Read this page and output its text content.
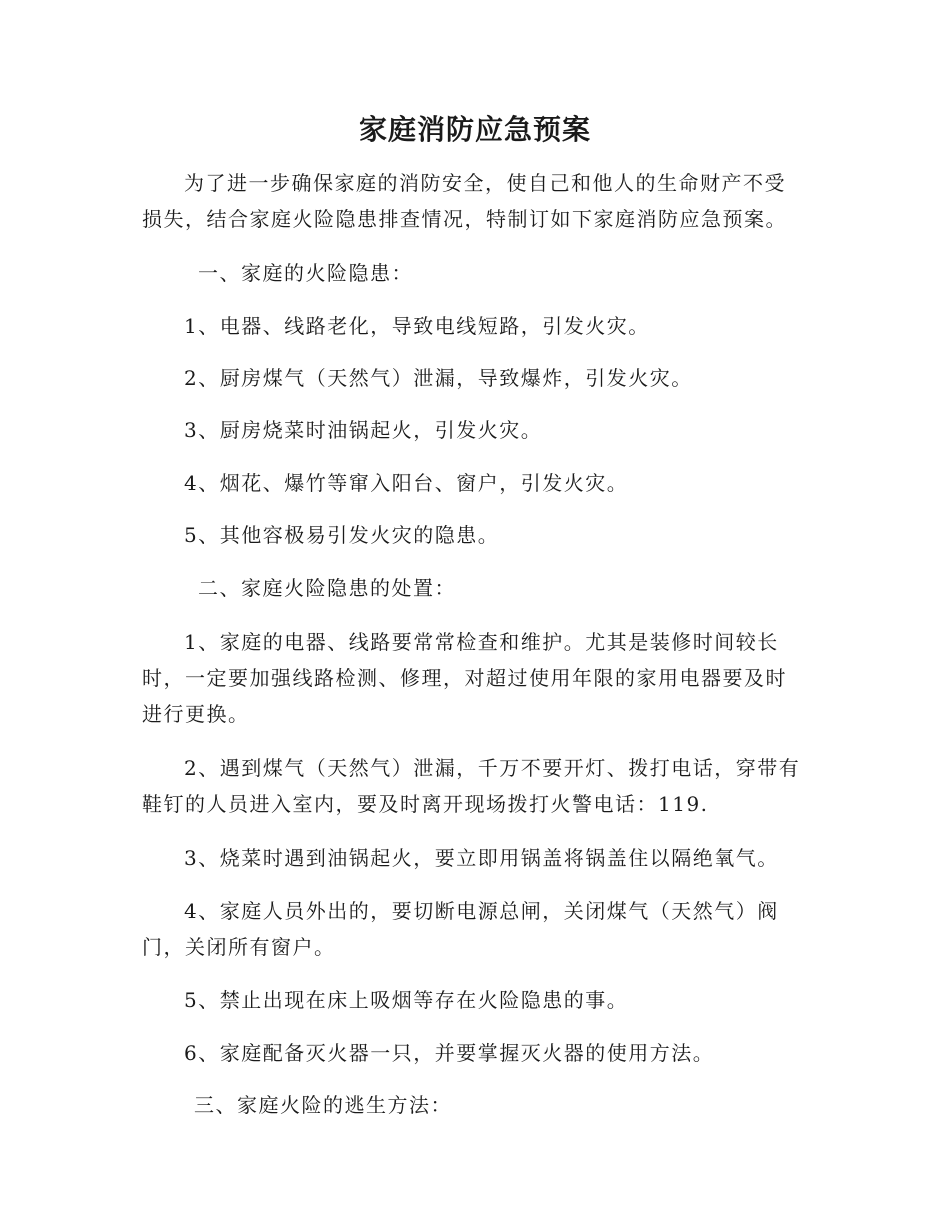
家庭消防应急预案
为了进一步确保家庭的消防安全，使自己和他人的生命财产不受
损失，结合家庭火险隐患排查情况，特制订如下家庭消防应急预案。
一、家庭的火险隐患：
1、电器、线路老化，导致电线短路，引发火灾。
2、厨房煤气（天然气）泄漏，导致爆炸，引发火灾。
3、厨房烧菜时油锅起火，引发火灾。
4、烟花、爆竹等窜入阳台、窗户，引发火灾。
5、其他容极易引发火灾的隐患。
二、家庭火险隐患的处置：
1、家庭的电器、线路要常常检查和维护。尤其是装修时间较长
时，一定要加强线路检测、修理，对超过使用年限的家用电器要及时
进行更换。
2、遇到煤气（天然气）泄漏，千万不要开灯、拨打电话，穿带有
鞋钉的人员进入室内，要及时离开现场拨打火警电话：119.
3、烧菜时遇到油锅起火，要立即用锅盖将锅盖住以隔绝氧气。
4、家庭人员外出的，要切断电源总闸，关闭煤气（天然气）阀
门，关闭所有窗户。
5、禁止出现在床上吸烟等存在火险隐患的事。
6、家庭配备灭火器一只，并要掌握灭火器的使用方法。
三、家庭火险的逃生方法：
